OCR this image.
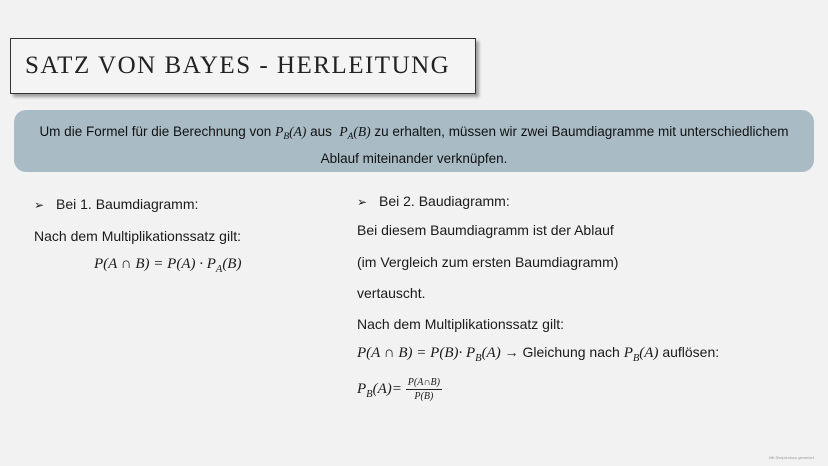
SATZ VON BAYES - HERLEITUNG
Um die Formel für die Berechnung von $P_B(A)$ aus  $P_A(B)$ zu erhalten, müssen wir zwei Baumdiagramme mit unterschiedlichem Ablauf miteinander verknüpfen.
➢ Bei 1. Baumdiagramm:
Nach dem Multiplikationssatz gilt:
P(A ∩ $B) = P(A) \cdot P_A(B)$
➢ Bei 2. Baudiagramm:
Bei diesem Baumdiagramm ist der Ablauf
(im Vergleich zum ersten Baumdiagramm)
vertauscht.
Nach dem Multiplikationssatz gilt:
P(A ∩ $B) = P(B)\cdot P_B(A)$ → Gleichung nach $P_B(A)$ auflösen:
$P_B(A)= \frac{P(A\cap B)}{P(B)}$
Mit Simpleshow generiert
